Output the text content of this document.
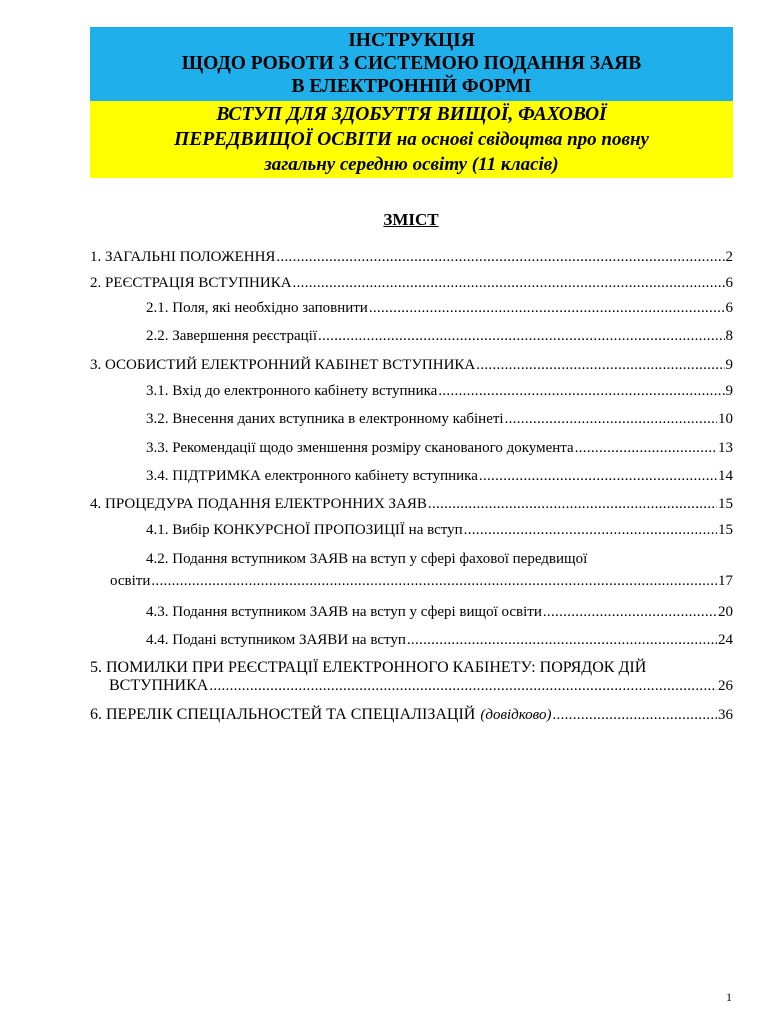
ІНСТРУКЦІЯ
ЩОДО РОБОТИ З СИСТЕМОЮ ПОДАННЯ ЗАЯВ
В ЕЛЕКТРОННІЙ ФОРМІ
ВСТУП ДЛЯ ЗДОБУТТЯ ВИЩОЇ, ФАХОВОЇ
ПЕРЕДВИЩОЇ ОСВІТИ на основі свідоцтва про повну
загальну середню освіту (11 класів)
ЗМІСТ
1. ЗАГАЛЬНІ ПОЛОЖЕННЯ .....	2
2. РЕЄСТРАЦІЯ ВСТУПНИКА .....	6
2.1. Поля, які необхідно заповнити .....	6
2.2. Завершення реєстрації .....	8
3. ОСОБИСТИЙ ЕЛЕКТРОННИЙ КАБІНЕТ ВСТУПНИКА .....	9
3.1. Вхід до електронного кабінету вступника .....	9
3.2. Внесення даних вступника в електронному кабінеті .....	10
3.3. Рекомендації щодо зменшення розміру сканованого документа .....	13
3.4. ПІДТРИМКА електронного кабінету вступника .....	14
4. ПРОЦЕДУРА ПОДАННЯ ЕЛЕКТРОННИХ ЗАЯВ .....	15
4.1. Вибір КОНКУРСНОЇ ПРОПОЗИЦІЇ на вступ .....	15
4.2. Подання вступником ЗАЯВ на вступ у сфері фахової передвищої
освіти .....	17
4.3. Подання вступником ЗАЯВ на вступ у сфері вищої освіти .....	20
4.4. Подані вступником ЗАЯВИ на вступ .....	24
5. ПОМИЛКИ ПРИ РЕЄСТРАЦІЇ ЕЛЕКТРОННОГО КАБІНЕТУ: ПОРЯДОК ДІЙ
ВСТУПНИКА .....	26
6. ПЕРЕЛІК СПЕЦІАЛЬНОСТЕЙ ТА СПЕЦІАЛІЗАЦІЙ (довідково) .....	36
1
